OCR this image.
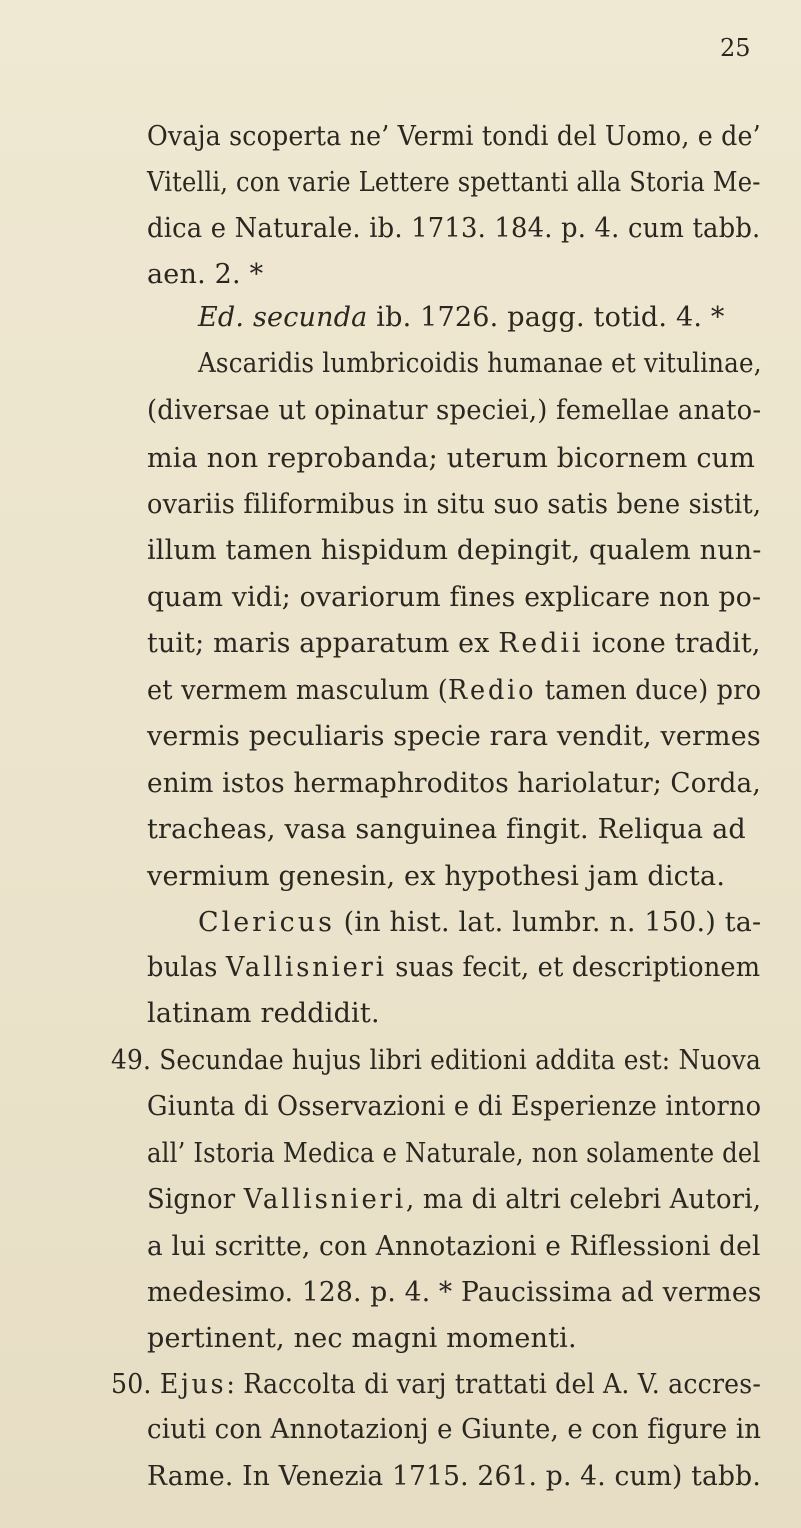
25
Ovaja scoperta ne’ Vermi tondi del Uomo, e de’
Vitelli, con varie Lettere spettanti alla Storia Me-
dica e Naturale. ib. 1713. 184. p. 4. cum tabb.
aen. 2. *
Ed. secunda ib. 1726. pagg. totid. 4. *
Ascaridis lumbricoidis humanae et vitulinae,
(diversae ut opinatur speciei,) femellae anato-
mia non reprobanda; uterum bicornem cum
ovariis filiformibus in situ suo satis bene sistit,
illum tamen hispidum depingit, qualem nun-
quam vidi; ovariorum fines explicare non po-
tuit; maris apparatum ex Redii icone tradit,
et vermem masculum (Redio tamen duce) pro
vermis peculiaris specie rara vendit, vermes
enim istos hermaphroditos hariolatur; Corda,
tracheas, vasa sanguinea fingit. Reliqua ad
vermium genesin, ex hypothesi jam dicta.
Clericus (in hist. lat. lumbr. n. 150.) ta-
bulas Vallisnieri suas fecit, et descriptionem
latinam reddidit.
49. Secundae hujus libri editioni addita est: Nuova
Giunta di Osservazioni e di Esperienze intorno
all’ Istoria Medica e Naturale, non solamente del
Signor Vallisnieri, ma di altri celebri Autori,
a lui scritte, con Annotazioni e Riflessioni del
medesimo. 128. p. 4. * Paucissima ad vermes
pertinent, nec magni momenti.
50. Ejus: Raccolta di varj trattati del A. V. accres-
ciuti con Annotazionj e Giunte, e con figure in
Rame. In Venezia 1715. 261. p. 4. cum) tabb.
